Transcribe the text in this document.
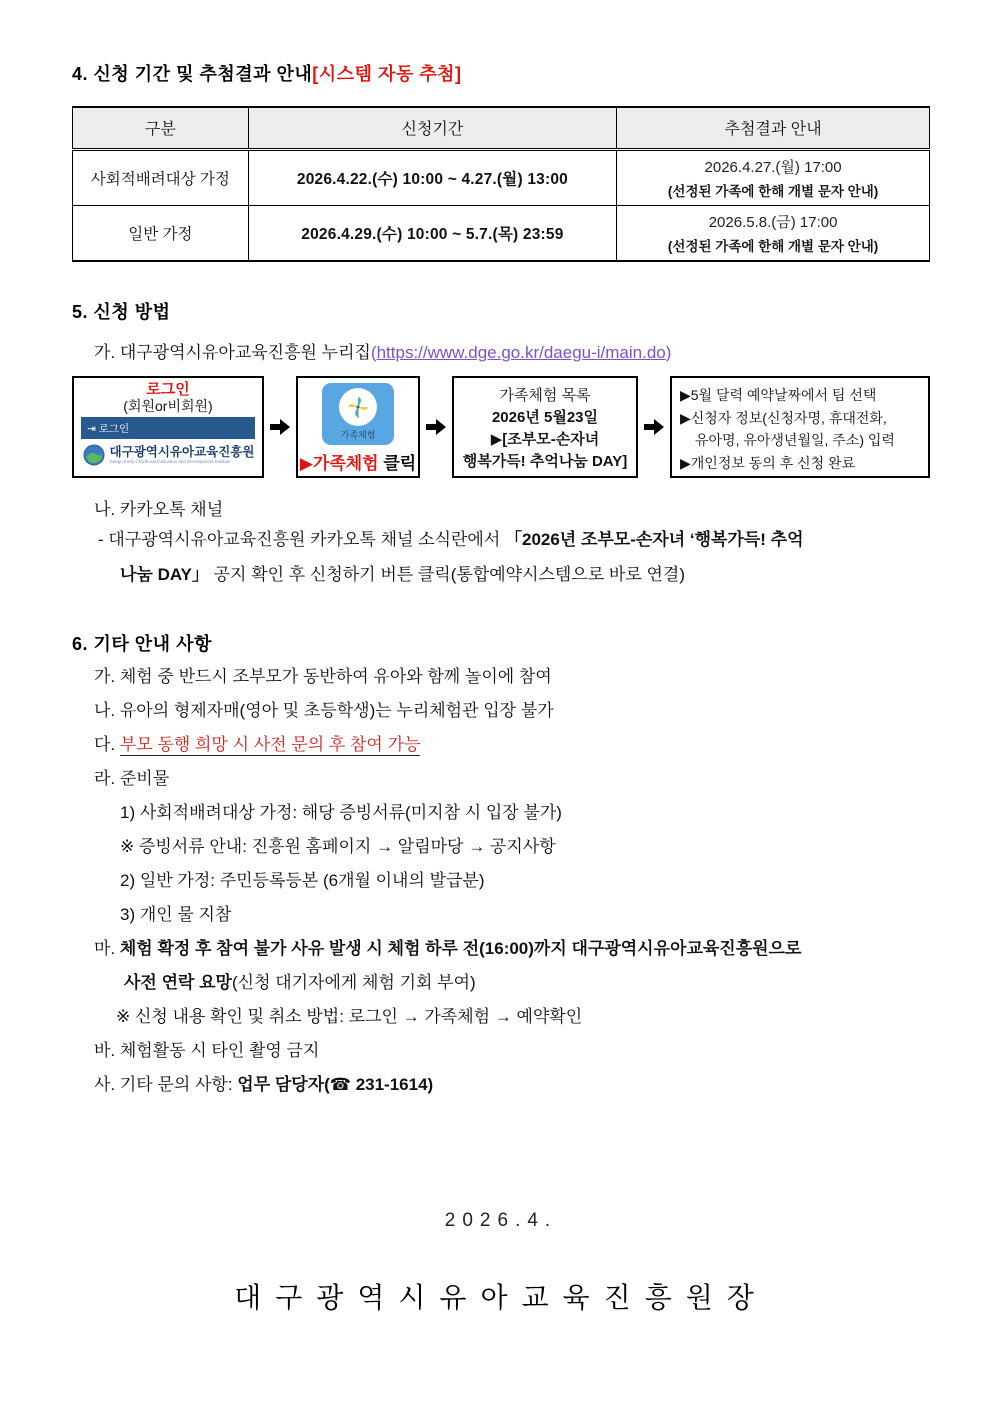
4. 신청 기간 및 추첨결과 안내[시스템 자동 추첨]
구분	신청기간	추첨결과 안내
사회적배려대상 가정	2026.4.22.(수) 10:00 ~ 4.27.(월) 13:00	2026.4.27.(월) 17:00
(선정된 가족에 한해 개별 문자 안내)

일반 가정	2026.4.29.(수) 10:00 ~ 5.7.(목) 23:59	2026.5.8.(금) 17:00
(선정된 가족에 한해 개별 문자 안내)
5. 신청 방법
가. 대구광역시유아교육진흥원 누리집(https://www.dge.go.kr/daegu-i/main.do)
로그인
(회원or비회원)
⇥ 로그인
대구광역시유아교육진흥원
Daegu Early Childhood Education and Development Institute
가족체험
▶가족체험 클릭
가족체험 목록
2026년 5월23일
▶[조부모-손자녀
행복가득! 추억나눔 DAY]
▶5월 달력 예약날짜에서 팀 선택
▶신청자 정보(신청자명, 휴대전화,
유아명, 유아생년월일, 주소) 입력
▶개인정보 동의 후 신청 완료
나. 카카오톡 채널
- 대구광역시유아교육진흥원 카카오톡 채널 소식란에서 「2026년 조부모-손자녀 ‘행복가득! 추억
나눔 DAY」 공지 확인 후 신청하기 버튼 클릭(통합예약시스템으로 바로 연결)
6. 기타 안내 사항
가. 체험 중 반드시 조부모가 동반하여 유아와 함께 놀이에 참여
나. 유아의 형제자매(영아 및 초등학생)는 누리체험관 입장 불가
다. 부모 동행 희망 시 사전 문의 후 참여 가능
라. 준비물
1) 사회적배려대상 가정: 해당 증빙서류(미지참 시 입장 불가)
※ 증빙서류 안내: 진흥원 홈페이지 → 알림마당 → 공지사항
2) 일반 가정: 주민등록등본 (6개월 이내의 발급분)
3) 개인 물 지참
마. 체험 확정 후 참여 불가 사유 발생 시 체험 하루 전(16:00)까지 대구광역시유아교육진흥원으로
사전 연락 요망(신청 대기자에게 체험 기회 부여)
※ 신청 내용 확인 및 취소 방법: 로그인 → 가족체험 → 예약확인
바. 체험활동 시 타인 촬영 금지
사. 기타 문의 사항: 업무 담당자(☎ 231-1614)
2026.4.
대구광역시유아교육진흥원장
